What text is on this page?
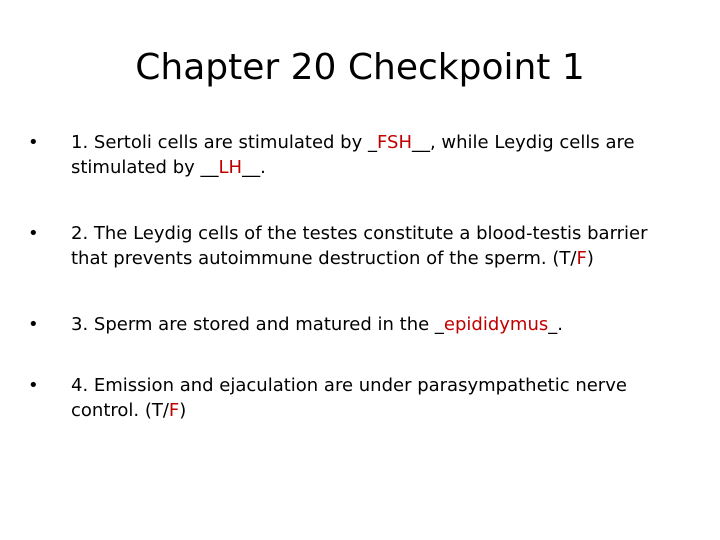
Chapter 20 Checkpoint 1
• 1. Sertoli cells are stimulated by _FSH__, while Leydig cells are stimulated by __LH__.
• 2. The Leydig cells of the testes constitute a blood-testis barrier that prevents autoimmune destruction of the sperm. (T/F)
• 3. Sperm are stored and matured in the _epididymus_.
• 4. Emission and ejaculation are under parasympathetic nerve control. (T/F)
